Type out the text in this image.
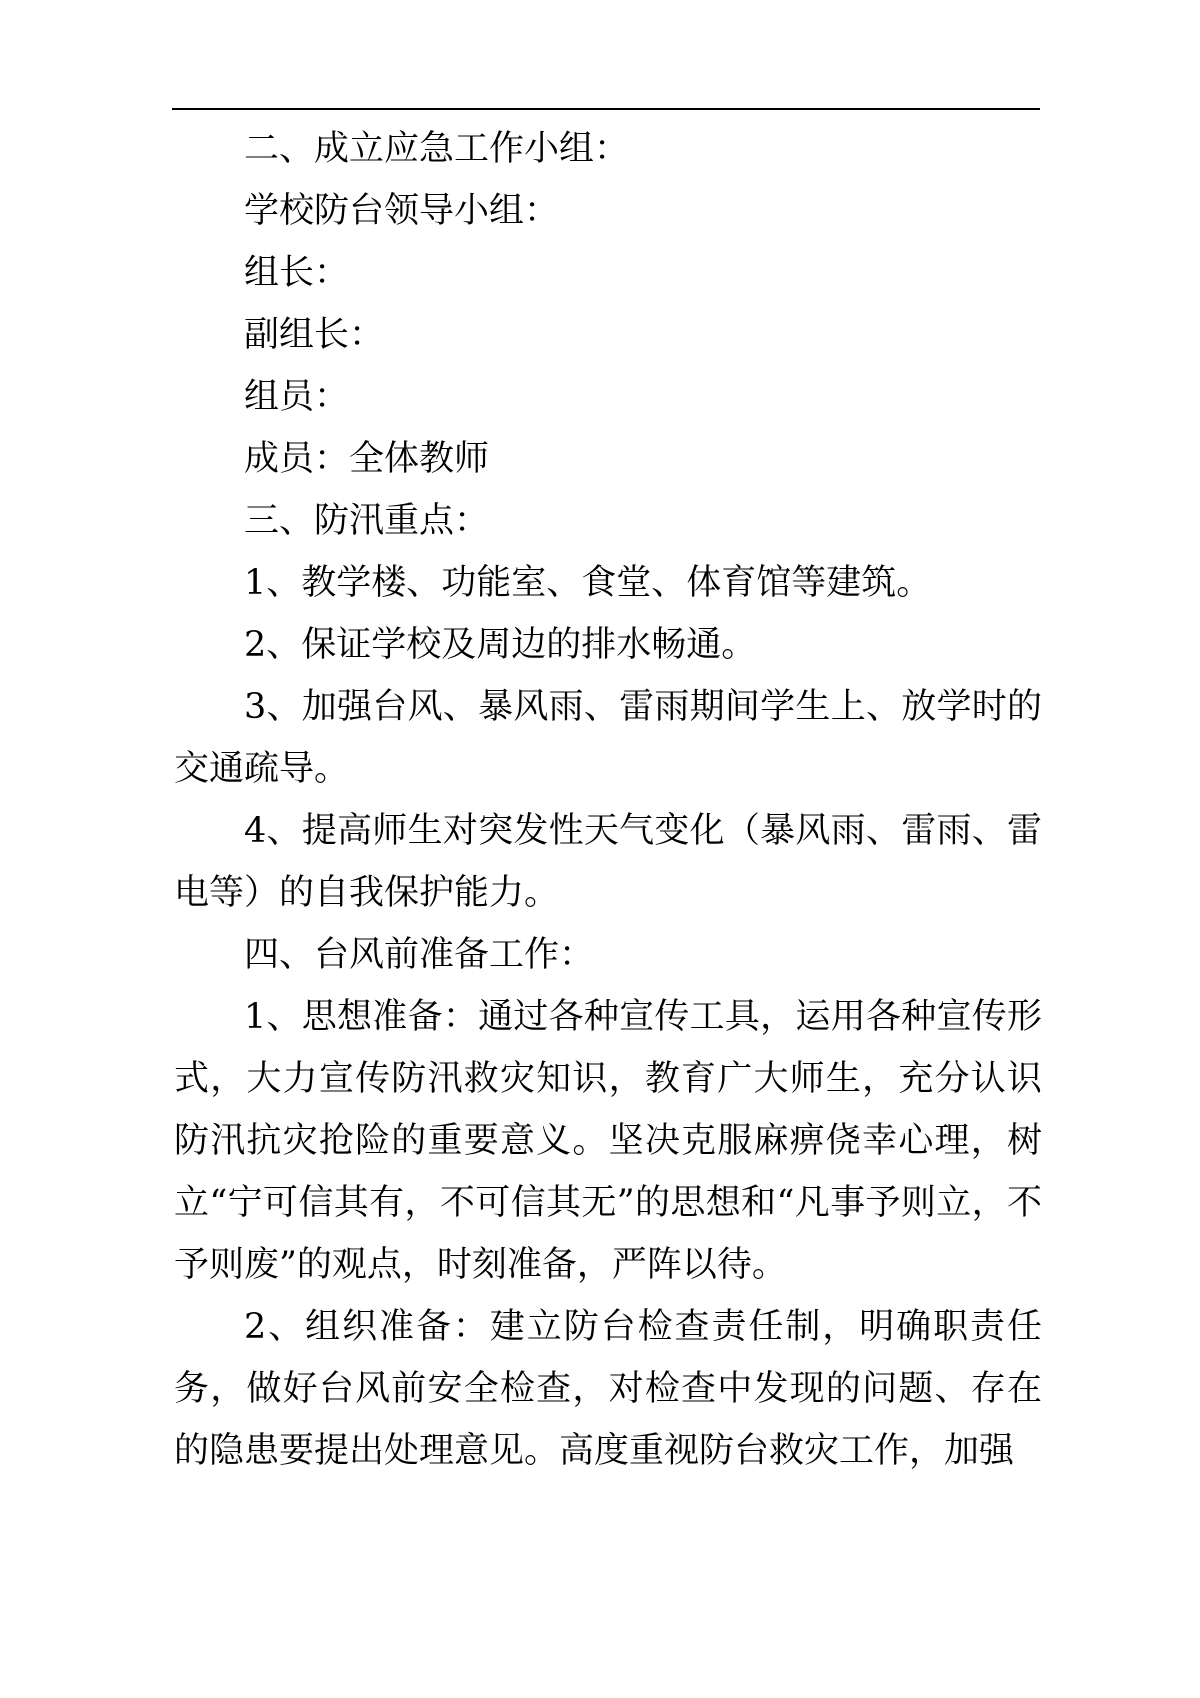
二、成立应急工作小组：

学校防台领导小组：

组长：

副组长：

组员：

成员：全体教师

三、防汛重点：

1、教学楼、功能室、食堂、体育馆等建筑。

2、保证学校及周边的排水畅通。

3、加强台风、暴风雨、雷雨期间学生上、放学时的交通疏导。

4、提高师生对突发性天气变化（暴风雨、雷雨、雷电等）的自我保护能力。

四、台风前准备工作：

1、思想准备：通过各种宣传工具，运用各种宣传形式，大力宣传防汛救灾知识，教育广大师生，充分认识防汛抗灾抢险的重要意义。坚决克服麻痹侥幸心理，树立“宁可信其有，不可信其无”的思想和“凡事予则立，不予则废”的观点，时刻准备，严阵以待。

2、组织准备：建立防台检查责任制，明确职责任务，做好台风前安全检查，对检查中发现的问题、存在的隐患要提出处理意见。高度重视防台救灾工作，加强
